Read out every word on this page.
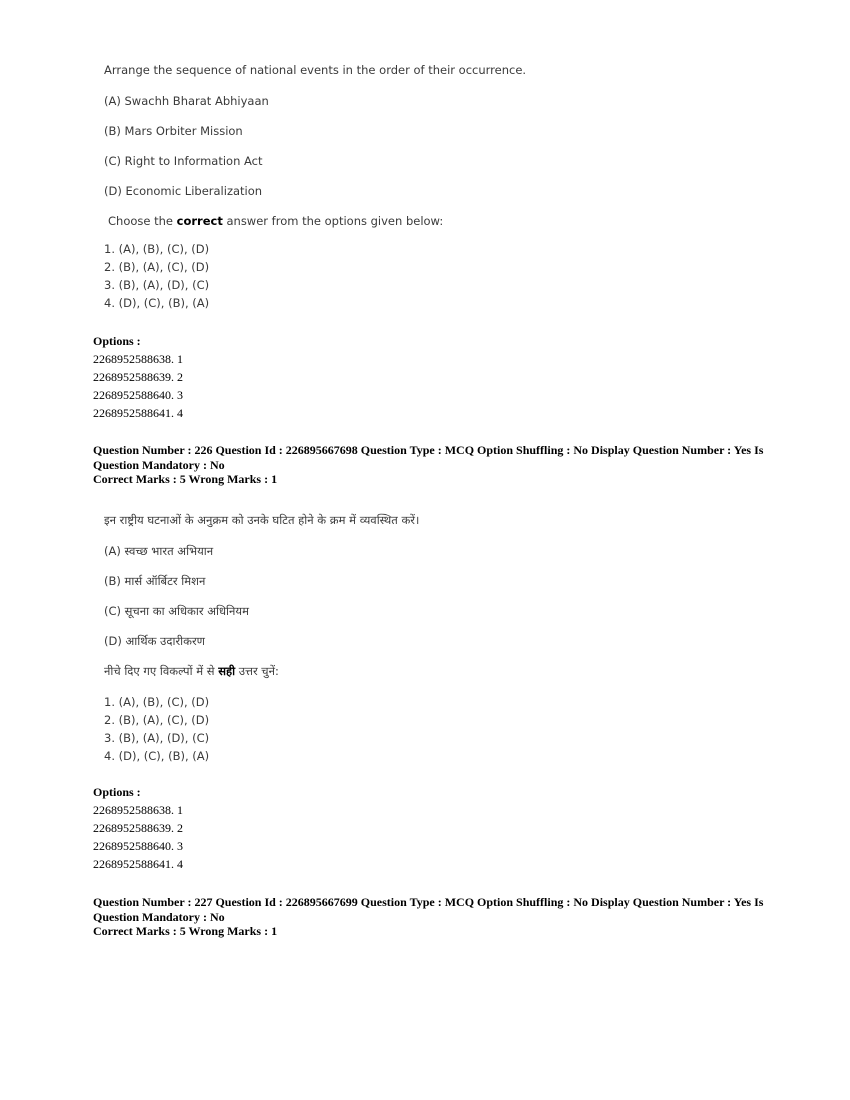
Arrange the sequence of national events in the order of their occurrence.

(A) Swachh Bharat Abhiyaan

(B) Mars Orbiter Mission

(C) Right to Information Act

(D) Economic Liberalization

Choose the correct answer from the options given below:

1. (A), (B), (C), (D)
2. (B), (A), (C), (D)
3. (B), (A), (D), (C)
4. (D), (C), (B), (A)
Options :
2268952588638. 1
2268952588639. 2
2268952588640. 3
2268952588641. 4
Question Number : 226 Question Id : 226895667698 Question Type : MCQ Option Shuffling : No Display Question Number : Yes Is
Question Mandatory : No
Correct Marks : 5 Wrong Marks : 1

इन राष्ट्रीय घटनाओं के अनुक्रम को उनके घटित होने के क्रम में व्यवस्थित करें।

(A) स्वच्छ भारत अभियान

(B) मार्स ऑर्बिटर मिशन

(C) सूचना का अधिकार अधिनियम

(D) आर्थिक उदारीकरण

नीचे दिए गए विकल्पों में से सही उत्तर चुनें:

1. (A), (B), (C), (D)
2. (B), (A), (C), (D)
3. (B), (A), (D), (C)
4. (D), (C), (B), (A)
Options :
2268952588638. 1
2268952588639. 2
2268952588640. 3
2268952588641. 4
Question Number : 227 Question Id : 226895667699 Question Type : MCQ Option Shuffling : No Display Question Number : Yes Is
Question Mandatory : No
Correct Marks : 5 Wrong Marks : 1
